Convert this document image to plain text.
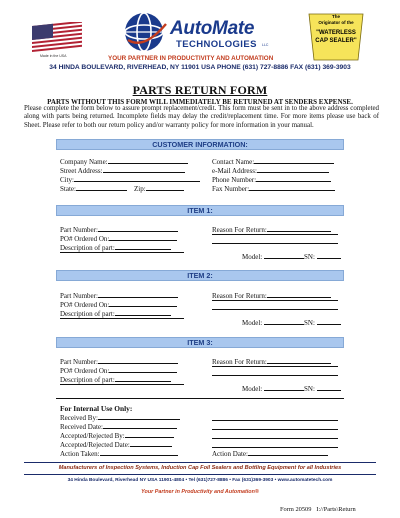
Made in the USA
AutoMate
TECHNOLOGIES LLC
YOUR PARTNER IN PRODUCTIVITY AND AUTOMATION
The
Originator of the
"WATERLESS
CAP SEALER"
34 HINDA BOULEVARD, RIVERHEAD, NY 11901 USA PHONE (631) 727-8886 FAX (631) 369-3903
PARTS RETURN FORM
PARTS WITHOUT THIS FORM WILL IMMEDIATELY BE RETURNED AT SENDERS EXPENSE.
Please complete the form below to assure prompt replacement/credit. This form must be sent in to the above address completed along with parts being returned. Incomplete fields may delay the credit/replacement time. For more items please use back of Sheet. Please refer to both our return policy and/or warranty policy for more information in your manual.
CUSTOMER INFORMATION:
Company Name:
Street Address:
City:
State:	Zip:
Contact Name:
e-Mail Address:
Phone Number:
Fax Number:
ITEM 1:
Part Number:
PO# Ordered On:
Description of part:
Reason For Return:
Model:	SN:
ITEM 2:
Part Number:
PO# Ordered On:
Description of part:
Reason For Return:
Model:	SN:
ITEM 3:
Part Number:
PO# Ordered On:
Description of part:
Reason For Return:
Model:	SN:
For Internal Use Only:
Received By:
Received Date:
Accepted/Rejected By:
Accepted/Rejected Date:
Action Taken:	Action Date:
Manufacturers of Inspection Systems, Induction Cap Foil Sealers and Bottling Equipment for all Industries
34 Hinda Boulevard, Riverhead NY USA 11901-4804 • Tel (631)727-8886 • Fax (631)369-3903 • www.automatetech.com
Your Partner in Productivity and Automation®
Form 20509 I://Parts\Return
